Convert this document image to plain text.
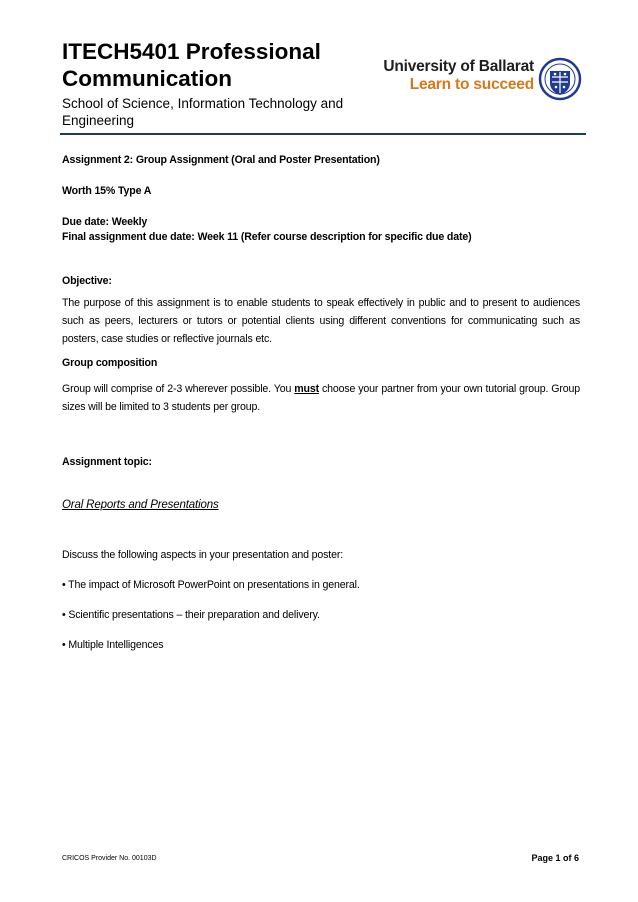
ITECH5401 Professional Communication
School of Science, Information Technology and Engineering
University of Ballarat
Learn to succeed
Assignment 2: Group Assignment (Oral and Poster Presentation)
Worth 15% Type A
Due date: Weekly
Final assignment due date: Week 11 (Refer course description for specific due date)
Objective:
The purpose of this assignment is to enable students to speak effectively in public and to present to audiences such as peers, lecturers or tutors or potential clients using different conventions for communicating such as posters, case studies or reflective journals etc.
Group composition
Group will comprise of 2-3 wherever possible. You must choose your partner from your own tutorial group. Group sizes will be limited to 3 students per group.
Assignment topic:
Oral Reports and Presentations
Discuss the following aspects in your presentation and poster:
• The impact of Microsoft PowerPoint on presentations in general.
• Scientific presentations – their preparation and delivery.
• Multiple Intelligences
CRICOS Provider No. 00103D	Page 1 of 6
